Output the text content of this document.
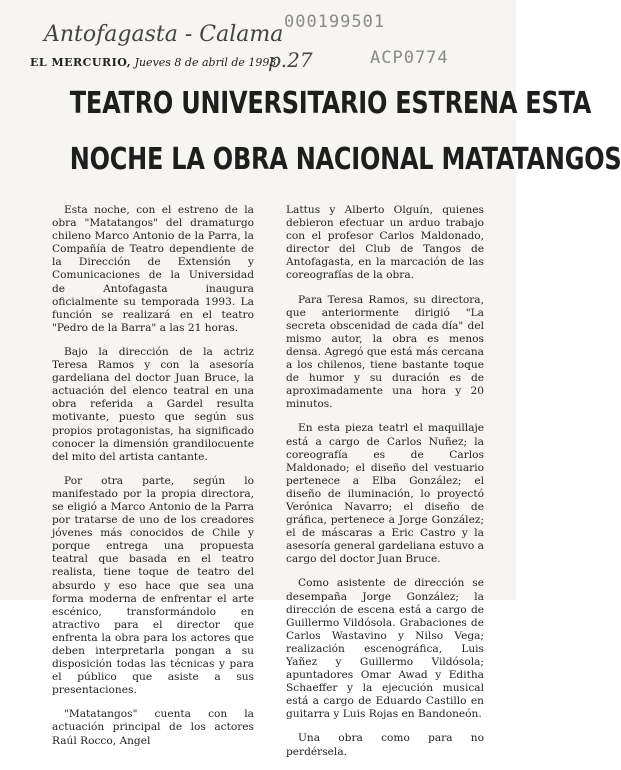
Antofagasta - Calama 000199501
p.27	ACP0774
EL MERCURIO, Jueves 8 de abril de 1993
TEATRO UNIVERSITARIO ESTRENA ESTA
NOCHE LA OBRA NACIONAL MATATANGOS

Esta noche, con el estreno de la obra "Matatangos" del dramaturgo chileno Marco Antonio de la Parra, la Compañía de Teatro dependiente de la Dirección de Extensión y Comunicaciones de la Universidad de Antofagasta inaugura oficialmente su temporada 1993. La función se realizará en el teatro "Pedro de la Barra" a las 21 horas.

Bajo la dirección de la actriz Teresa Ramos y con la asesoría gardeliana del doctor Juan Bruce, la actuación del elenco teatral en una obra referida a Gardel resulta motivante, puesto que según sus propios protagonistas, ha significado conocer la dimensión grandilocuente del mito del artista cantante.

Por otra parte, según lo manifestado por la propia directora, se eligió a Marco Antonio de la Parra por tratarse de uno de los creadores jóvenes más conocidos de Chile y porque entrega una propuesta teatral que basada en el teatro realista, tiene toque de teatro del absurdo y eso hace que sea una forma moderna de enfrentar el arte escénico, transformándolo en atractivo para el director que enfrenta la obra para los actores que deben interpretarla pongan a su disposición todas las técnicas y para el público que asiste a sus presentaciones.

"Matatangos" cuenta con la actuación principal de los actores Raúl Rocco, Angel

Lattus y Alberto Olguín, quienes debieron efectuar un arduo trabajo con el profesor Carlos Maldonado, director del Club de Tangos de Antofagasta, en la marcación de las coreografías de la obra.

Para Teresa Ramos, su directora, que anteriormente dirigió "La secreta obscenidad de cada día" del mismo autor, la obra es menos densa. Agregó que está más cercana a los chilenos, tiene bastante toque de humor y su duración es de aproximadamente una hora y 20 minutos.

En esta pieza teatrl el maquillaje está a cargo de Carlos Nuñez; la coreografía es de Carlos Maldonado; el diseño del vestuario pertenece a Elba González; el diseño de iluminación, lo proyectó Verónica Navarro; el diseño de gráfica, pertenece a Jorge González; el de máscaras a Eric Castro y la asesoría general gardeliana estuvo a cargo del doctor Juan Bruce.

Como asistente de dirección se desempaña Jorge González; la dirección de escena está a cargo de Guillermo Vildósola. Grabaciones de Carlos Wastavino y Nilso Vega; realización escenográfica, Luis Yañez y Guillermo Vildósola; apuntadores Omar Awad y Editha Schaeffer y la ejecución musical está a cargo de Eduardo Castillo en guitarra y Luis Rojas en Bandoneón.

Una obra como para no perdérsela.
